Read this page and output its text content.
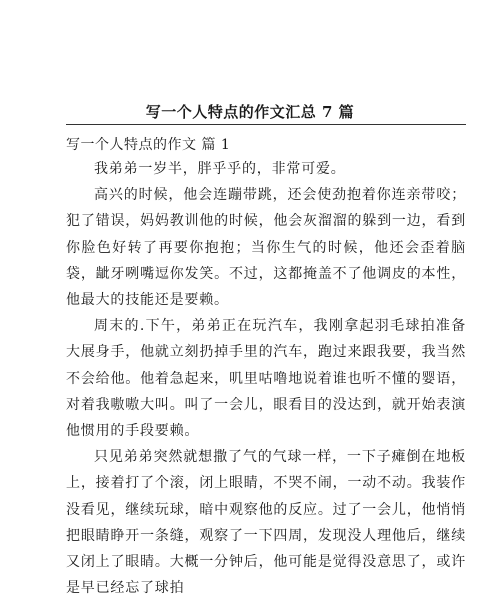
写一个人特点的作文汇总 7 篇
写一个人特点的作文 篇 1

我弟弟一岁半，胖乎乎的，非常可爱。

高兴的时候，他会连蹦带跳，还会使劲抱着你连亲带咬；犯了错误，妈妈教训他的时候，他会灰溜溜的躲到一边，看到你脸色好转了再要你抱抱；当你生气的时候，他还会歪着脑袋，龇牙咧嘴逗你发笑。不过，这都掩盖不了他调皮的本性，他最大的技能还是要赖。

周末的.下午，弟弟正在玩汽车，我刚拿起羽毛球拍准备大展身手，他就立刻扔掉手里的汽车，跑过来跟我要，我当然不会给他。他着急起来，叽里咕噜地说着谁也听不懂的婴语，对着我嗷嗷大叫。叫了一会儿，眼看目的没达到，就开始表演他惯用的手段要赖。

只见弟弟突然就想撒了气的气球一样，一下子瘫倒在地板上，接着打了个滚，闭上眼睛，不哭不闹，一动不动。我装作没看见，继续玩球，暗中观察他的反应。过了一会儿，他悄悄把眼睛睁开一条缝，观察了一下四周，发现没人理他后，继续又闭上了眼睛。大概一分钟后，他可能是觉得没意思了，或许是早已经忘了球拍
